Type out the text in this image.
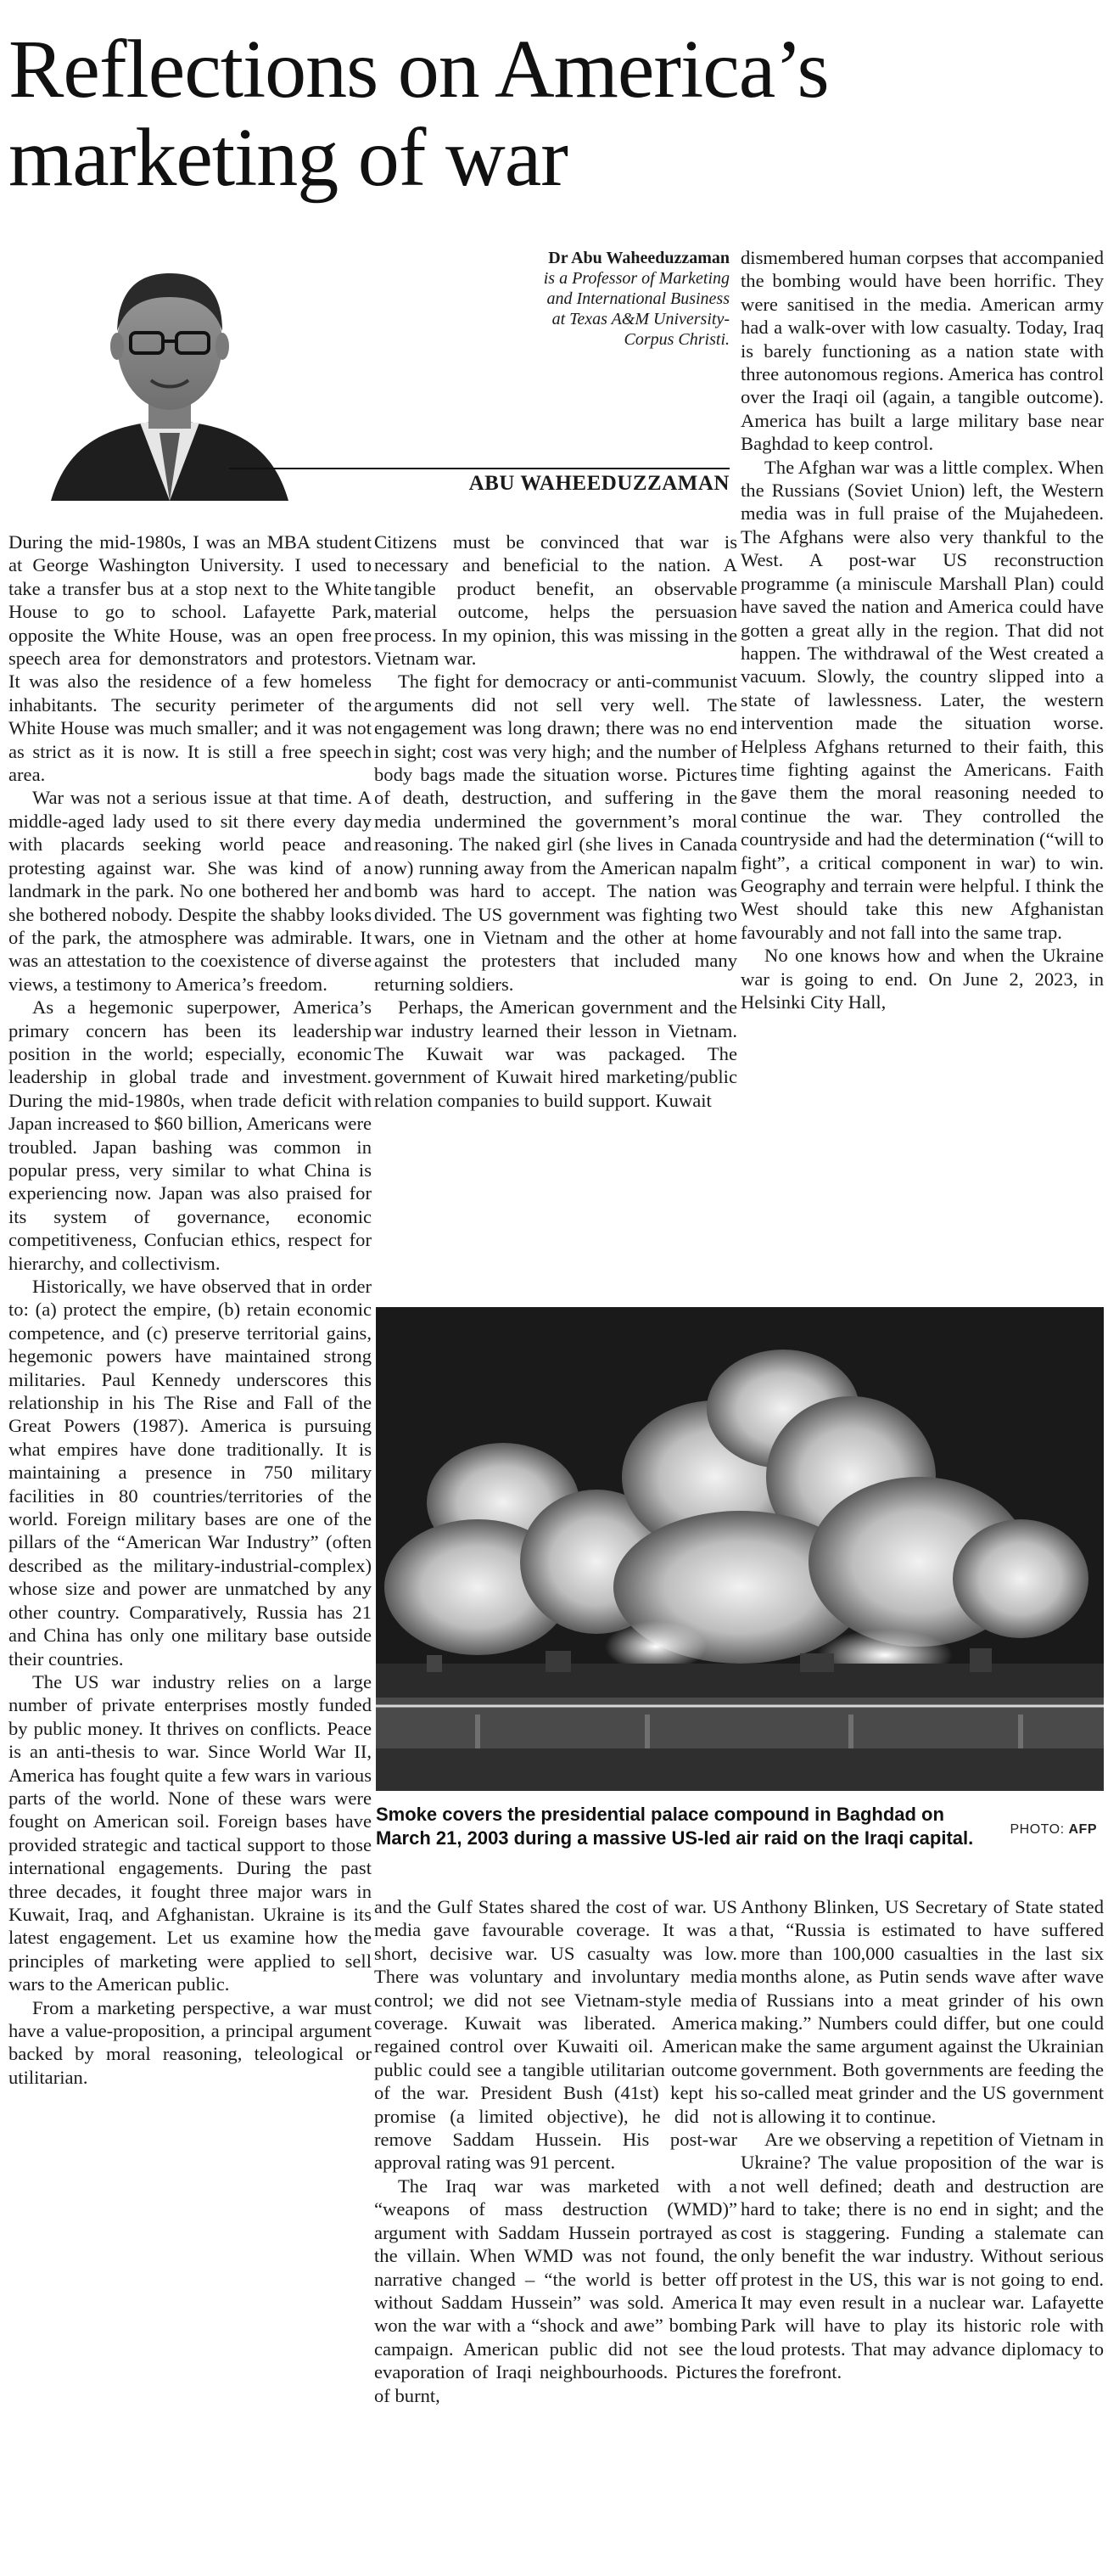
Reflections on America’s marketing of war
Dr Abu Waheeduzzaman
is a Professor of Marketing
and International Business
at Texas A&M University-
Corpus Christi.
ABU WAHEEDUZZAMAN

During the mid-1980s, I was an MBA student at George Washington University. I used to take a transfer bus at a stop next to the White House to go to school. Lafayette Park, opposite the White House, was an open free speech area for demonstrators and protestors. It was also the residence of a few homeless inhabitants. The security perimeter of the White House was much smaller; and it was not as strict as it is now. It is still a free speech area.

War was not a serious issue at that time. A middle-aged lady used to sit there every day with placards seeking world peace and protesting against war. She was kind of a landmark in the park. No one bothered her and she bothered nobody. Despite the shabby looks of the park, the atmosphere was admirable. It was an attestation to the coexistence of diverse views, a testimony to America’s freedom.

As a hegemonic superpower, America’s primary concern has been its leadership position in the world; especially, economic leadership in global trade and investment. During the mid-1980s, when trade deficit with Japan increased to $60 billion, Americans were troubled. Japan bashing was common in popular press, very similar to what China is experiencing now. Japan was also praised for its system of governance, economic competitiveness, Confucian ethics, respect for hierarchy, and collectivism.

Historically, we have observed that in order to: (a) protect the empire, (b) retain economic competence, and (c) preserve territorial gains, hegemonic powers have maintained strong militaries. Paul Kennedy underscores this relationship in his The Rise and Fall of the Great Powers (1987). America is pursuing what empires have done traditionally. It is maintaining a presence in 750 military facilities in 80 countries/territories of the world. Foreign military bases are one of the pillars of the “American War Industry” (often described as the military-industrial-complex) whose size and power are unmatched by any other country. Comparatively, Russia has 21 and China has only one military base outside their countries.

The US war industry relies on a large number of private enterprises mostly funded by public money. It thrives on conflicts. Peace is an anti-thesis to war. Since World War II, America has fought quite a few wars in various parts of the world. None of these wars were fought on American soil. Foreign bases have provided strategic and tactical support to those international engagements. During the past three decades, it fought three major wars in Kuwait, Iraq, and Afghanistan. Ukraine is its latest engagement. Let us examine how the principles of marketing were applied to sell wars to the American public.

From a marketing perspective, a war must have a value-proposition, a principal argument backed by moral reasoning, teleological or utilitarian.

Citizens must be convinced that war is necessary and beneficial to the nation. A tangible product benefit, an observable material outcome, helps the persuasion process. In my opinion, this was missing in the Vietnam war.

The fight for democracy or anti-communist arguments did not sell very well. The engagement was long drawn; there was no end in sight; cost was very high; and the number of body bags made the situation worse. Pictures of death, destruction, and suffering in the media undermined the government’s moral reasoning. The naked girl (she lives in Canada now) running away from the American napalm bomb was hard to accept. The nation was divided. The US government was fighting two wars, one in Vietnam and the other at home against the protesters that included many returning soldiers.

Perhaps, the American government and the war industry learned their lesson in Vietnam. The Kuwait war was packaged. The government of Kuwait hired marketing/public relation companies to build support. Kuwait

dismembered human corpses that accompanied the bombing would have been horrific. They were sanitised in the media. American army had a walk-over with low casualty. Today, Iraq is barely functioning as a nation state with three autonomous regions. America has control over the Iraqi oil (again, a tangible outcome). America has built a large military base near Baghdad to keep control.

The Afghan war was a little complex. When the Russians (Soviet Union) left, the Western media was in full praise of the Mujahedeen. The Afghans were also very thankful to the West. A post-war US reconstruction programme (a miniscule Marshall Plan) could have saved the nation and America could have gotten a great ally in the region. That did not happen. The withdrawal of the West created a vacuum. Slowly, the country slipped into a state of lawlessness. Later, the western intervention made the situation worse. Helpless Afghans returned to their faith, this time fighting against the Americans. Faith gave them the moral reasoning needed to continue the war. They controlled the countryside and had the determination (“will to fight”, a critical component in war) to win. Geography and terrain were helpful. I think the West should take this new Afghanistan favourably and not fall into the same trap.

No one knows how and when the Ukraine war is going to end. On June 2, 2023, in Helsinki City Hall,

Smoke covers the presidential palace compound in Baghdad on March 21, 2003 during a massive US-led air raid on the Iraqi capital.	PHOTO: AFP

and the Gulf States shared the cost of war. US media gave favourable coverage. It was a short, decisive war. US casualty was low. There was voluntary and involuntary media control; we did not see Vietnam-style media coverage. Kuwait was liberated. America regained control over Kuwaiti oil. American public could see a tangible utilitarian outcome of the war. President Bush (41st) kept his promise (a limited objective), he did not remove Saddam Hussein. His post-war approval rating was 91 percent.

The Iraq war was marketed with a “weapons of mass destruction (WMD)” argument with Saddam Hussein portrayed as the villain. When WMD was not found, the narrative changed – “the world is better off without Saddam Hussein” was sold. America won the war with a “shock and awe” bombing campaign. American public did not see the evaporation of Iraqi neighbourhoods. Pictures of burnt,

Anthony Blinken, US Secretary of State stated that, “Russia is estimated to have suffered more than 100,000 casualties in the last six months alone, as Putin sends wave after wave of Russians into a meat grinder of his own making.” Numbers could differ, but one could make the same argument against the Ukrainian government. Both governments are feeding the so-called meat grinder and the US government is allowing it to continue.

Are we observing a repetition of Vietnam in Ukraine? The value proposition of the war is not well defined; death and destruction are hard to take; there is no end in sight; and the cost is staggering. Funding a stalemate can only benefit the war industry. Without serious protest in the US, this war is not going to end. It may even result in a nuclear war. Lafayette Park will have to play its historic role with loud protests. That may advance diplomacy to the forefront.
